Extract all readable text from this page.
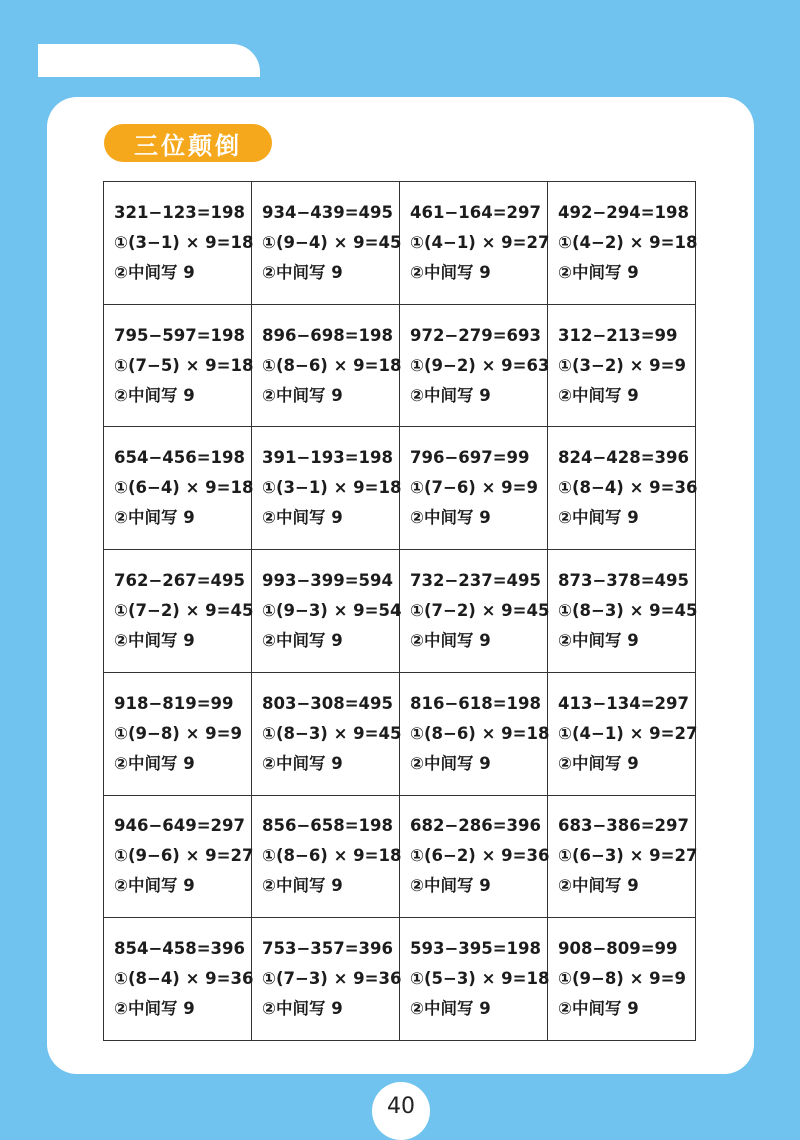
三位颠倒
321−123=198
①(3−1) × 9=18
②中间写 9	934−439=495
①(9−4) × 9=45
②中间写 9	461−164=297
①(4−1) × 9=27
②中间写 9	492−294=198
①(4−2) × 9=18
②中间写 9

795−597=198
①(7−5) × 9=18
②中间写 9	896−698=198
①(8−6) × 9=18
②中间写 9	972−279=693
①(9−2) × 9=63
②中间写 9	312−213=99
①(3−2) × 9=9
②中间写 9

654−456=198
①(6−4) × 9=18
②中间写 9	391−193=198
①(3−1) × 9=18
②中间写 9	796−697=99
①(7−6) × 9=9
②中间写 9	824−428=396
①(8−4) × 9=36
②中间写 9

762−267=495
①(7−2) × 9=45
②中间写 9	993−399=594
①(9−3) × 9=54
②中间写 9	732−237=495
①(7−2) × 9=45
②中间写 9	873−378=495
①(8−3) × 9=45
②中间写 9

918−819=99
①(9−8) × 9=9
②中间写 9	803−308=495
①(8−3) × 9=45
②中间写 9	816−618=198
①(8−6) × 9=18
②中间写 9	413−134=297
①(4−1) × 9=27
②中间写 9

946−649=297
①(9−6) × 9=27
②中间写 9	856−658=198
①(8−6) × 9=18
②中间写 9	682−286=396
①(6−2) × 9=36
②中间写 9	683−386=297
①(6−3) × 9=27
②中间写 9

854−458=396
①(8−4) × 9=36
②中间写 9	753−357=396
①(7−3) × 9=36
②中间写 9	593−395=198
①(5−3) × 9=18
②中间写 9	908−809=99
①(9−8) × 9=9
②中间写 9
40
